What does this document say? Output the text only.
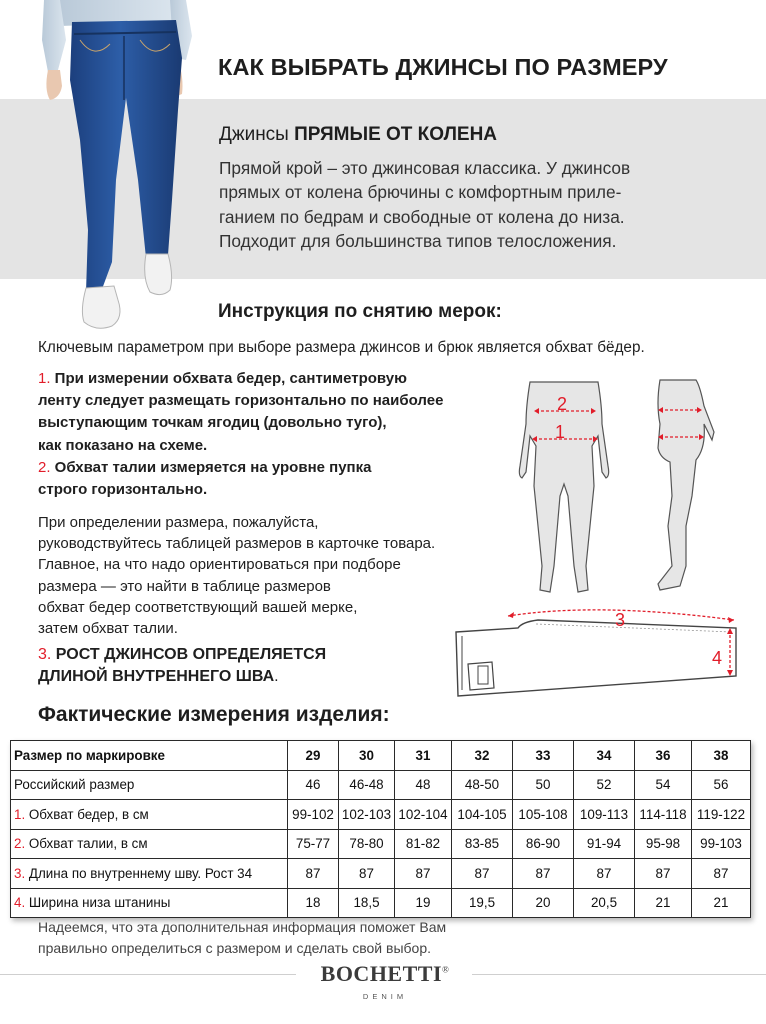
КАК ВЫБРАТЬ ДЖИНСЫ ПО РАЗМЕРУ
Джинсы ПРЯМЫЕ ОТ КОЛЕНА
Прямой крой – это джинсовая классика. У джинсов
прямых от колена брючины с комфортным приле-
ганием по бедрам и свободные от колена до низа.
Подходит для большинства типов телосложения.
Инструкция по снятию мерок:
Ключевым параметром при выборе размера джинсов и брюк является обхват бёдер.
1. При измерении обхвата бедер, сантиметровую
ленту следует размещать горизонтально по наиболее
выступающим точкам ягодиц (довольно туго),
как показано на схеме.
2. Обхват талии измеряется на уровне пупка
строго горизонтально.
При определении размера, пожалуйста,
руководствуйтесь таблицей размеров в карточке товара.
Главное, на что надо ориентироваться при подборе
размера — это найти в таблице размеров
обхват бедер соответствующий вашей мерке,
затем обхват талии.
3. РОСТ ДЖИНСОВ ОПРЕДЕЛЯЕТСЯ
ДЛИНОЙ ВНУТРЕННЕГО ШВА.
2
1
3
4
Фактические измерения изделия:
Размер по маркировке	29	30	31	32	33	34	36	38
Российский размер	46	46-48	48	48-50	50	52	54	56
1. Обхват бедер, в см	99-102	102-103	102-104	104-105	105-108	109-113	114-118	119-122
2. Обхват талии, в см	75-77	78-80	81-82	83-85	86-90	91-94	95-98	99-103
3. Длина по внутреннему шву. Рост 34	87	87	87	87	87	87	87	87
4. Ширина низа штанины	18	18,5	19	19,5	20	20,5	21	21
Надеемся, что эта дополнительная информация поможет Вам
правильно определиться с размером и сделать свой выбор.
BOCHETTI®
DENIM
